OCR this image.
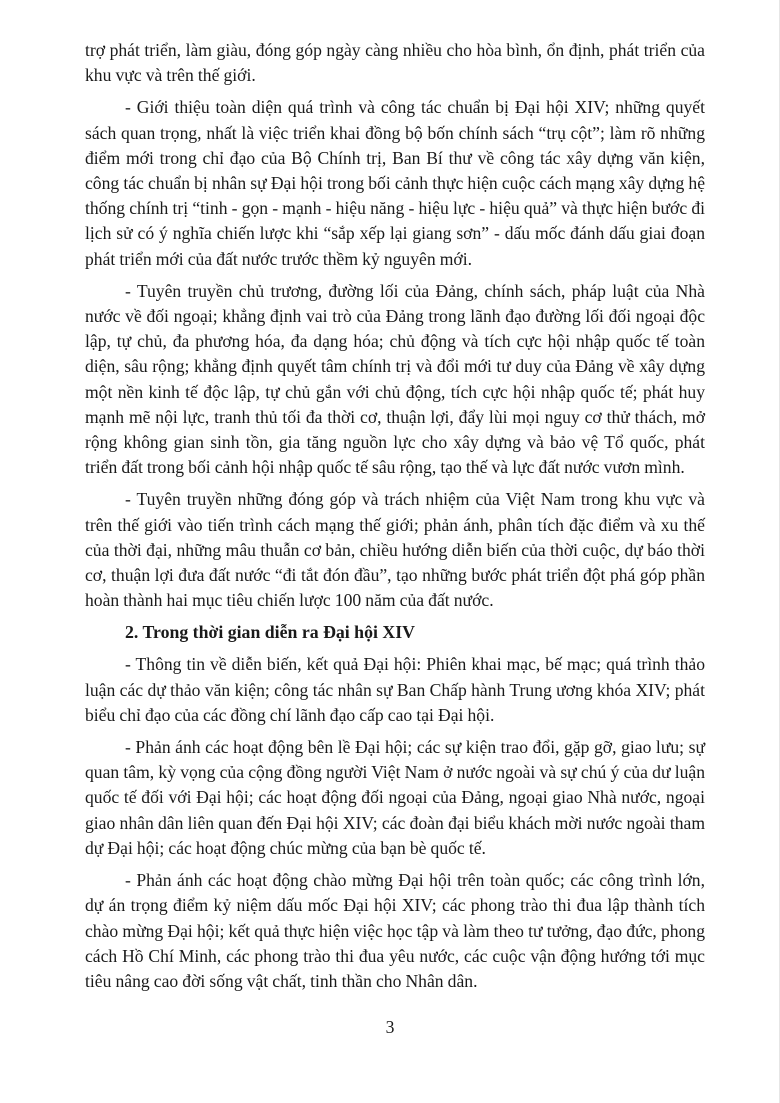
trợ phát triển, làm giàu, đóng góp ngày càng nhiều cho hòa bình, ổn định, phát triển của khu vực và trên thế giới.

- Giới thiệu toàn diện quá trình và công tác chuẩn bị Đại hội XIV; những quyết sách quan trọng, nhất là việc triển khai đồng bộ bốn chính sách “trụ cột”; làm rõ những điểm mới trong chỉ đạo của Bộ Chính trị, Ban Bí thư về công tác xây dựng văn kiện, công tác chuẩn bị nhân sự Đại hội trong bối cảnh thực hiện cuộc cách mạng xây dựng hệ thống chính trị “tinh - gọn - mạnh - hiệu năng - hiệu lực - hiệu quả” và thực hiện bước đi lịch sử có ý nghĩa chiến lược khi “sắp xếp lại giang sơn” - dấu mốc đánh dấu giai đoạn phát triển mới của đất nước trước thềm kỷ nguyên mới.

- Tuyên truyền chủ trương, đường lối của Đảng, chính sách, pháp luật của Nhà nước về đối ngoại; khẳng định vai trò của Đảng trong lãnh đạo đường lối đối ngoại độc lập, tự chủ, đa phương hóa, đa dạng hóa; chủ động và tích cực hội nhập quốc tế toàn diện, sâu rộng; khẳng định quyết tâm chính trị và đổi mới tư duy của Đảng về xây dựng một nền kinh tế độc lập, tự chủ gắn với chủ động, tích cực hội nhập quốc tế; phát huy mạnh mẽ nội lực, tranh thủ tối đa thời cơ, thuận lợi, đẩy lùi mọi nguy cơ thử thách, mở rộng không gian sinh tồn, gia tăng nguồn lực cho xây dựng và bảo vệ Tổ quốc, phát triển đất trong bối cảnh hội nhập quốc tế sâu rộng, tạo thế và lực đất nước vươn mình.

- Tuyên truyền những đóng góp và trách nhiệm của Việt Nam trong khu vực và trên thế giới vào tiến trình cách mạng thế giới; phản ánh, phân tích đặc điểm và xu thế của thời đại, những mâu thuẫn cơ bản, chiều hướng diễn biến của thời cuộc, dự báo thời cơ, thuận lợi đưa đất nước “đi tắt đón đầu”, tạo những bước phát triển đột phá góp phần hoàn thành hai mục tiêu chiến lược 100 năm của đất nước.

2. Trong thời gian diễn ra Đại hội XIV

- Thông tin về diễn biến, kết quả Đại hội: Phiên khai mạc, bế mạc; quá trình thảo luận các dự thảo văn kiện; công tác nhân sự Ban Chấp hành Trung ương khóa XIV; phát biểu chỉ đạo của các đồng chí lãnh đạo cấp cao tại Đại hội.

- Phản ánh các hoạt động bên lề Đại hội; các sự kiện trao đổi, gặp gỡ, giao lưu; sự quan tâm, kỳ vọng của cộng đồng người Việt Nam ở nước ngoài và sự chú ý của dư luận quốc tế đối với Đại hội; các hoạt động đối ngoại của Đảng, ngoại giao Nhà nước, ngoại giao nhân dân liên quan đến Đại hội XIV; các đoàn đại biểu khách mời nước ngoài tham dự Đại hội; các hoạt động chúc mừng của bạn bè quốc tế.

- Phản ánh các hoạt động chào mừng Đại hội trên toàn quốc; các công trình lớn, dự án trọng điểm kỷ niệm dấu mốc Đại hội XIV; các phong trào thi đua lập thành tích chào mừng Đại hội; kết quả thực hiện việc học tập và làm theo tư tưởng, đạo đức, phong cách Hồ Chí Minh, các phong trào thi đua yêu nước, các cuộc vận động hướng tới mục tiêu nâng cao đời sống vật chất, tinh thần cho Nhân dân.

3
